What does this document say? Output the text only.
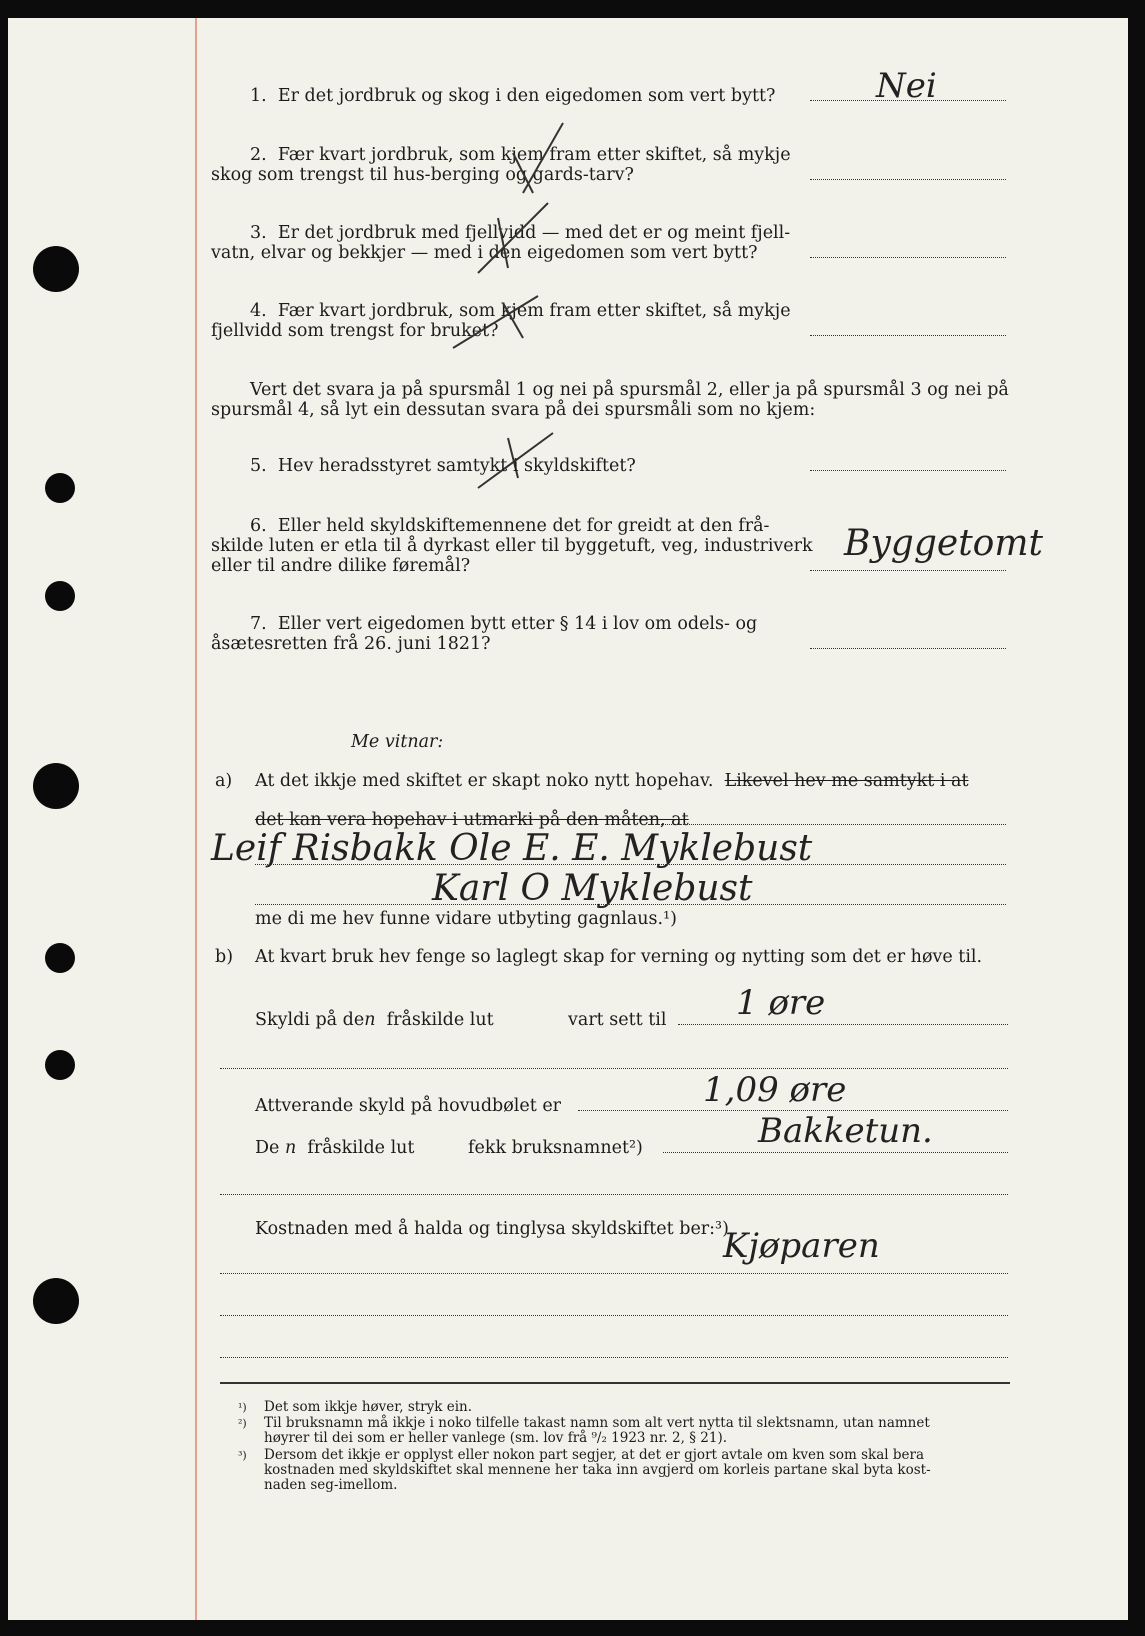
1. Er det jordbruk og skog i den eigedomen som vert bytt?	Nei
2. Fær kvart jordbruk, som kjem fram etter skiftet, så mykje
skog som trengst til hus‑berging og gards‑tarv?
3. Er det jordbruk med fjellvidd — med det er og meint fjell‑
vatn, elvar og bekkjer — med i den eigedomen som vert bytt?
4. Fær kvart jordbruk, som kjem fram etter skiftet, så mykje
fjellvidd som trengst for bruket?
Vert det svara ja på spursmål 1 og nei på spursmål 2, eller ja på spursmål 3 og nei på
spursmål 4, så lyt ein dessutan svara på dei spursmåli som no kjem:
5. Hev heradsstyret samtykt i skyldskiftet?
6. Eller held skyldskiftemennene det for greidt at den frå‑
skilde luten er etla til å dyrkast eller til byggetuft, veg, industriverk
eller til andre dilike føremål?
Byggetomt
7. Eller vert eigedomen bytt etter § 14 i lov om odels‑ og
åsætesretten frå 26. juni 1821?
Me vitnar:
a) At det ikkje med skiftet er skapt noko nytt hopehav. Likevel hev me samtykt i at
det kan vera hopehav i utmarki på den måten, at
Leif Risbakk Ole E. E. Myklebust
Karl O Myklebust
me di me hev funne vidare utbyting gagnlaus.¹)
b) At kvart bruk hev fenge so laglegt skap for verning og nytting som det er høve til.
Skyldi på den fråskilde lut	vart sett til 1 øre
Attverande skyld på hovudbølet er	1,09 øre
De n fråskilde lut	fekk bruksnamnet²)	Bakketun.
Kostnaden med å halda og tinglysa skyldskiftet ber:³)
Kjøparen
¹) Det som ikkje høver, stryk ein.
²) Til bruksnamn må ikkje i noko tilfelle takast namn som alt vert nytta til slektsnamn, utan namnet
høyrer til dei som er heller vanlege (sm. lov frå ⁹/₂ 1923 nr. 2, § 21).
³) Dersom det ikkje er opplyst eller nokon part segjer, at det er gjort avtale om kven som skal bera
kostnaden med skyldskiftet skal mennene her taka inn avgjerd om korleis partane skal byta kost‑
naden seg‑imellom.
